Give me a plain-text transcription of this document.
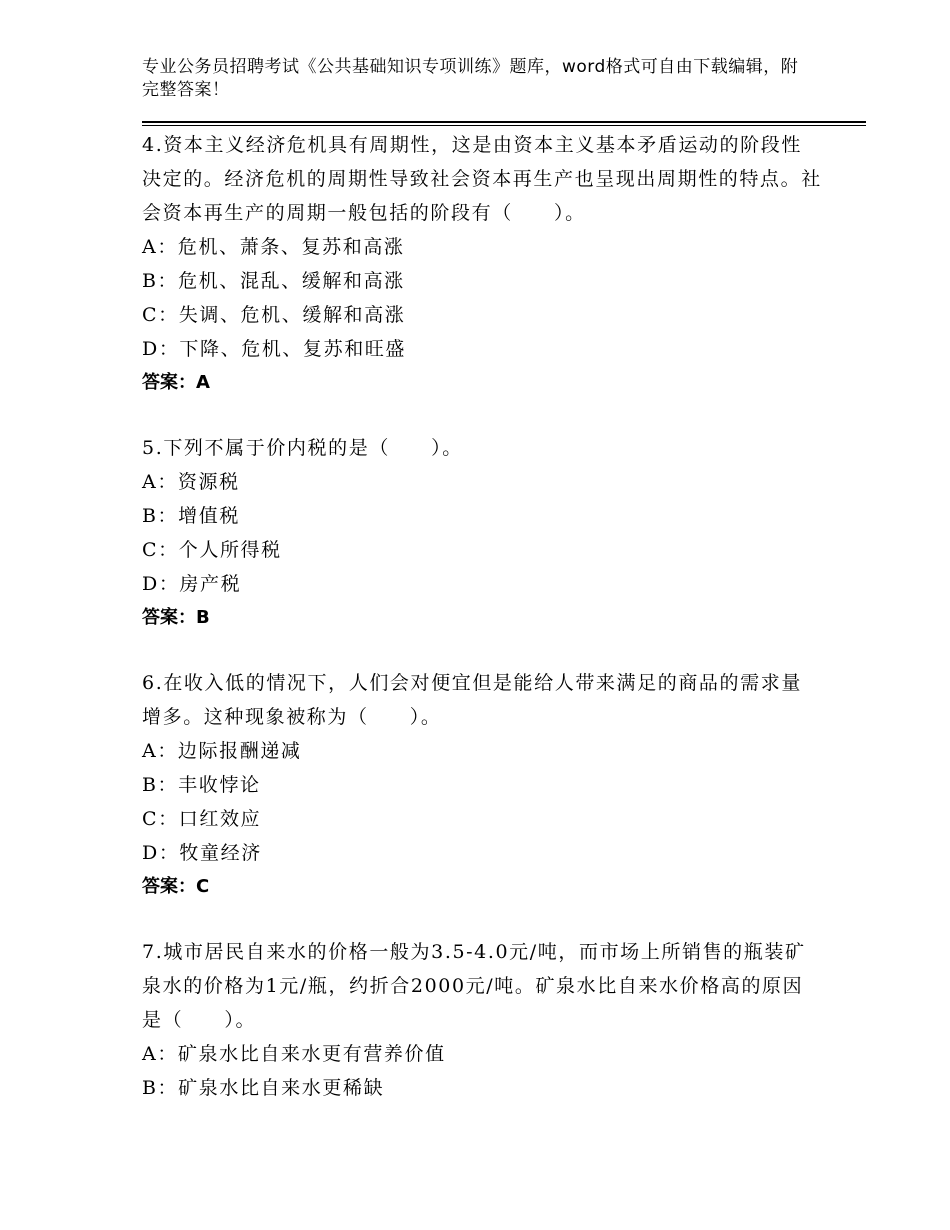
专业公务员招聘考试《公共基础知识专项训练》题库，word格式可自由下载编辑，附完整答案！

4.资本主义经济危机具有周期性，这是由资本主义基本矛盾运动的阶段性决定的。经济危机的周期性导致社会资本再生产也呈现出周期性的特点。社会资本再生产的周期一般包括的阶段有（　　）。

A：危机、萧条、复苏和高涨

B：危机、混乱、缓解和高涨

C：失调、危机、缓解和高涨

D：下降、危机、复苏和旺盛

答案：A

5.下列不属于价内税的是（　　）。

A：资源税

B：增值税

C：个人所得税

D：房产税

答案：B

6.在收入低的情况下，人们会对便宜但是能给人带来满足的商品的需求量增多。这种现象被称为（　　）。

A：边际报酬递减

B：丰收悖论

C：口红效应

D：牧童经济

答案：C

7.城市居民自来水的价格一般为3.5-4.0元/吨，而市场上所销售的瓶装矿泉水的价格为1元/瓶，约折合2000元/吨。矿泉水比自来水价格高的原因是（　　）。

A：矿泉水比自来水更有营养价值

B：矿泉水比自来水更稀缺
